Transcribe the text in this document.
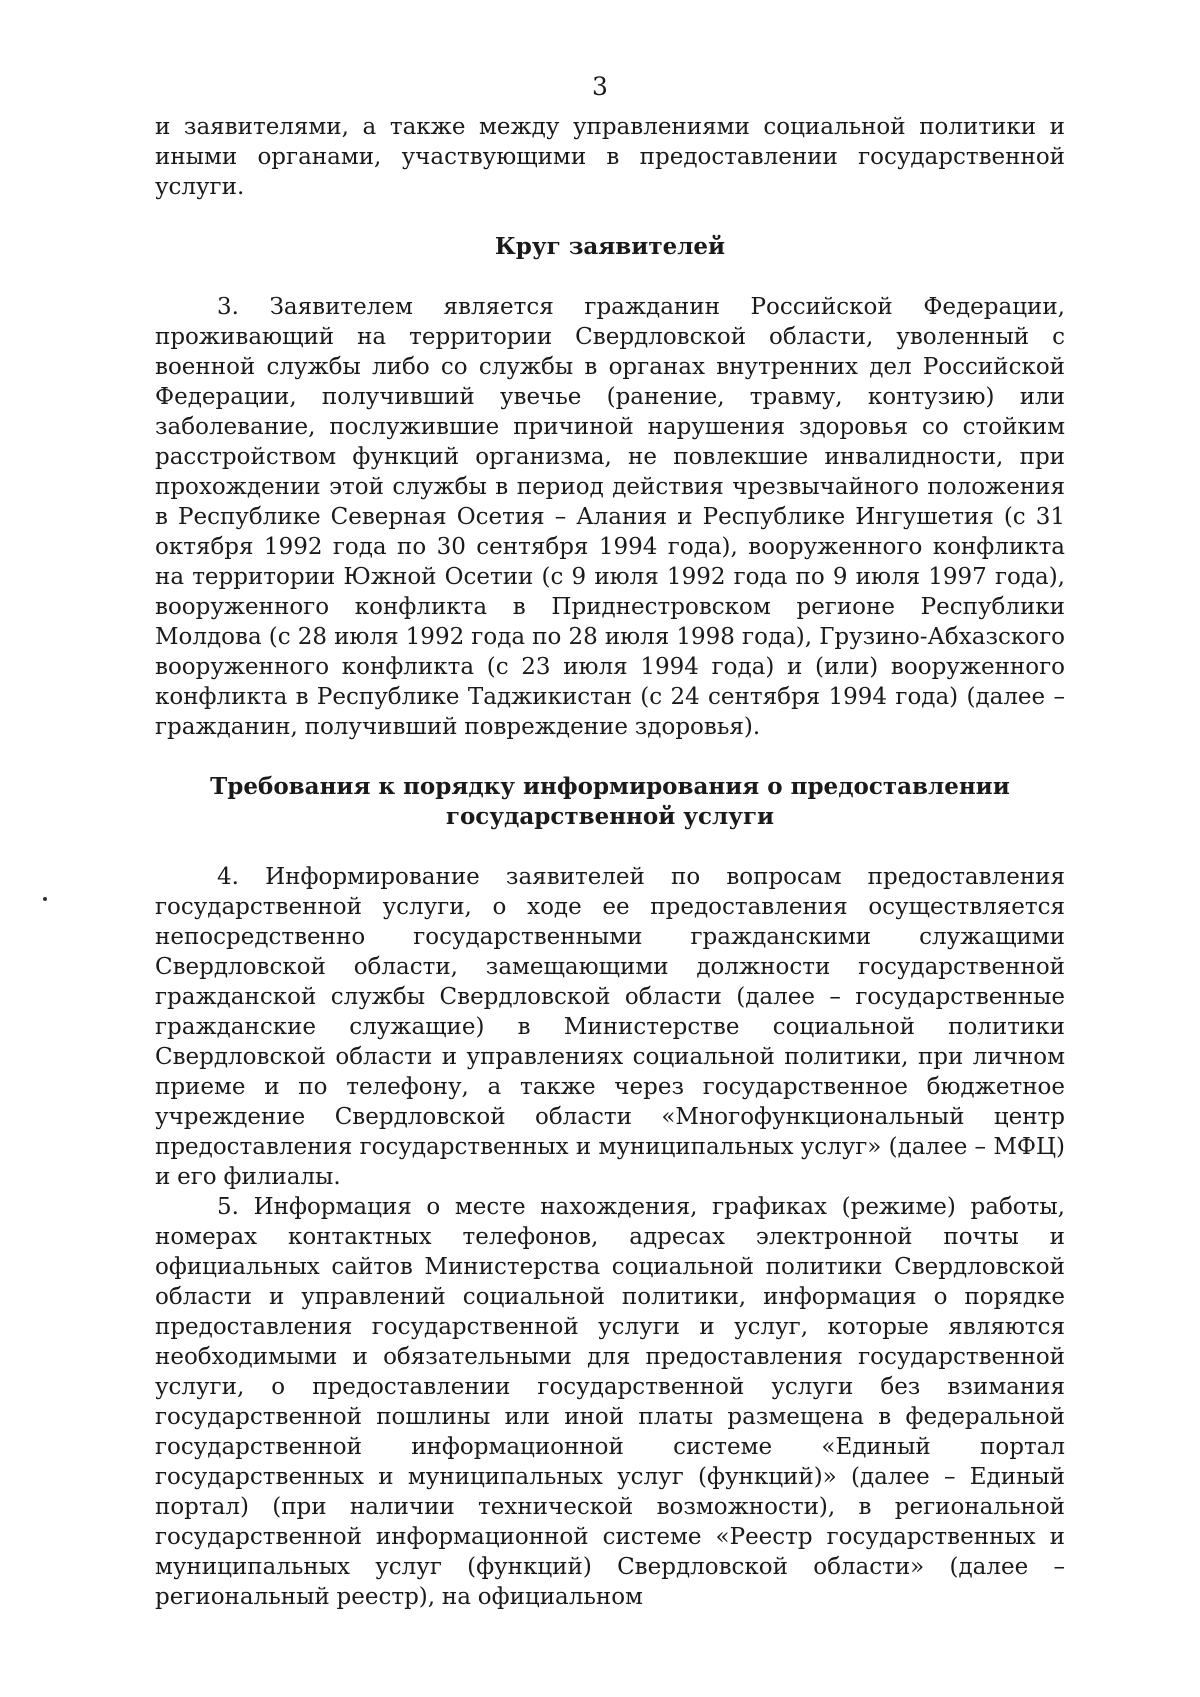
3

и заявителями, а также между управлениями социальной политики и иными органами, участвующими в предоставлении государственной услуги.

Круг заявителей

3. Заявителем является гражданин Российской Федерации, проживающий на территории Свердловской области, уволенный с военной службы либо со службы в органах внутренних дел Российской Федерации, получивший увечье (ранение, травму, контузию) или заболевание, послужившие причиной нарушения здоровья со стойким расстройством функций организма, не повлекшие инвалидности, при прохождении этой службы в период действия чрезвычайного положения в Республике Северная Осетия – Алания и Республике Ингушетия (с 31 октября 1992 года по 30 сентября 1994 года), вооруженного конфликта на территории Южной Осетии (с 9 июля 1992 года по 9 июля 1997 года), вооруженного конфликта в Приднестровском регионе Республики Молдова (с 28 июля 1992 года по 28 июля 1998 года), Грузино-Абхазского вооруженного конфликта (с 23 июля 1994 года) и (или) вооруженного конфликта в Республике Таджикистан (с 24 сентября 1994 года) (далее – гражданин, получивший повреждение здоровья).

Требования к порядку информирования о предоставлении
государственной услуги

4. Информирование заявителей по вопросам предоставления государственной услуги, о ходе ее предоставления осуществляется непосредственно государственными гражданскими служащими Свердловской области, замещающими должности государственной гражданской службы Свердловской области (далее – государственные гражданские служащие) в Министерстве социальной политики Свердловской области и управлениях социальной политики, при личном приеме и по телефону, а также через государственное бюджетное учреждение Свердловской области «Многофункциональный центр предоставления государственных и муниципальных услуг» (далее – МФЦ) и его филиалы.

5. Информация о месте нахождения, графиках (режиме) работы, номерах контактных телефонов, адресах электронной почты и официальных сайтов Министерства социальной политики Свердловской области и управлений социальной политики, информация о порядке предоставления государственной услуги и услуг, которые являются необходимыми и обязательными для предоставления государственной услуги, о предоставлении государственной услуги без взимания государственной пошлины или иной платы размещена в федеральной государственной информационной системе «Единый портал государственных и муниципальных услуг (функций)» (далее – Единый портал) (при наличии технической возможности), в региональной государственной информационной системе «Реестр государственных и муниципальных услуг (функций) Свердловской области» (далее – региональный реестр), на официальном
